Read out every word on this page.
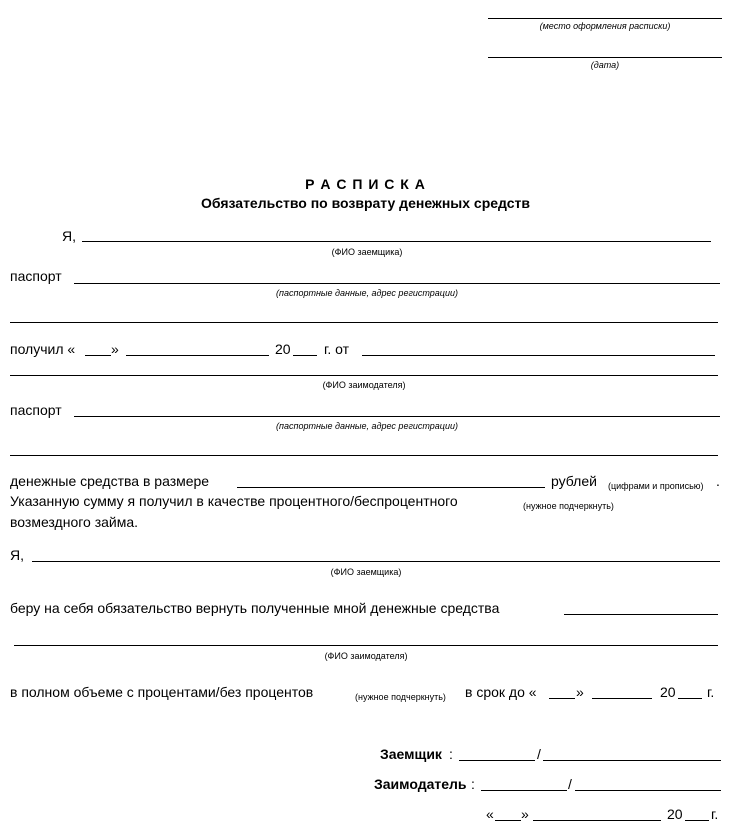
(место оформления расписки)
(дата)
Р А С П И С К А
Обязательство по возврату денежных средств
Я,
(ФИО заемщика)
паспорт
(паспортные данные, адрес регистрации)
получил «	»	20 г. от
(ФИО заимодателя)
паспорт
(паспортные данные, адрес регистрации)
денежные средства в размере	рублей (цифрами и прописью) .
Указанную сумму я получил в качестве процентного/беспроцентного	(нужное подчеркнуть)
возмездного займа.
Я,
(ФИО заемщика)
беру на себя обязательство вернуть полученные мной денежные средства
(ФИО заимодателя)
в полном объеме с процентами/без процентов	(нужное подчеркнуть) в срок до «	»	20 г.
Заемщик :	/
Заимодатель :	/
« »	20 г.
